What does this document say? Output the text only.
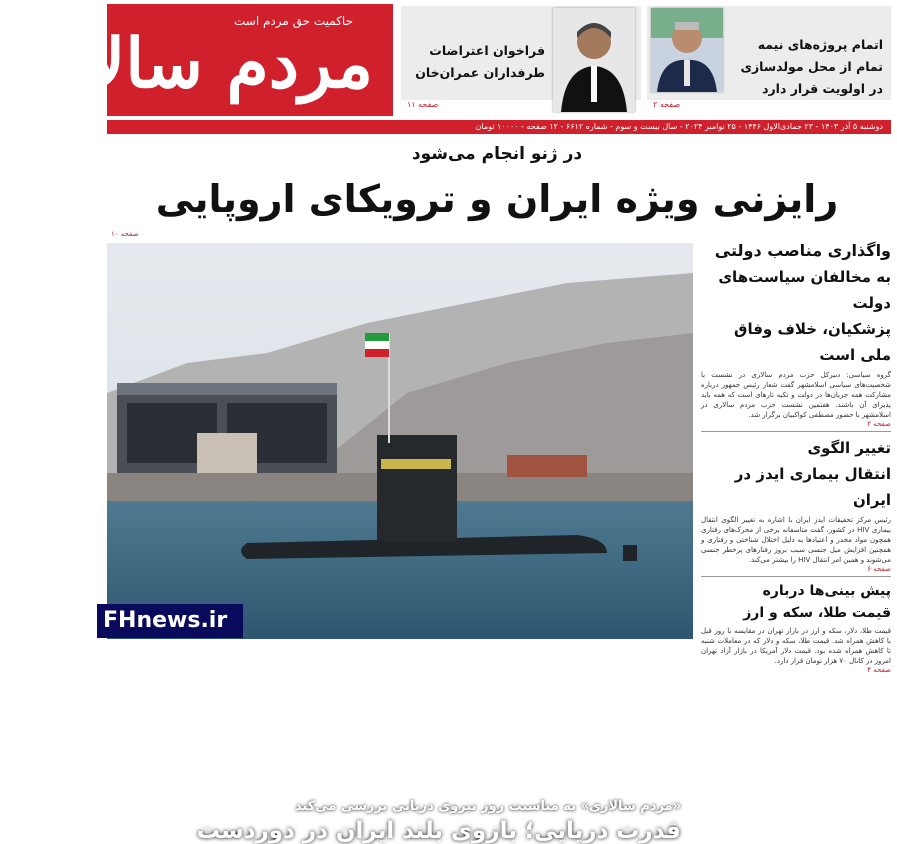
حاکمیت حق مردم است
مردم سالاری	اتمام پروژه‌های نیمه تمام از محل مولدسازی در اولویت قرار دارد
صفحه ۲
فراخوان اعتراضات طرفداران عمران‌خان
صفحه ۱۱
دوشنبه ۵ آذر ۱۴۰۳ - ۲۳ جمادی‌الاول ۱۴۴۶ - ۲۵ نوامبر ۲۰۲۴ - سال بیست و سوم - شماره ۶۶۱۲ - ۱۲ صفحه - ۱۰۰۰۰ تومان
در ژنو انجام می‌شود
رایزنی ویژه ایران و ترویکای اروپایی
صفحه ۱۰
«مردم سالاری» به مناسبت روز نیروی دریایی بررسی می‌کند
قدرت دریایی؛ بازوی بلند ایران در دوردست
واگذاری مناصب دولتی
به مخالفان سیاست‌های دولت
پزشکیان، خلاف وفاق ملی است
گروه سیاسی: دبیرکل حزب مردم سالاری در نشست با شخصیت‌های سیاسی اسلامشهر گفت شعار رئیس جمهور درباره مشارکت همه جریان‌ها در دولت و تکیه تارهای است که همه باید پذیرای آن باشند. هفتمین نشست حزب مردم سالاری در اسلامشهر با حضور مصطفی کواکبیان برگزار شد.
صفحه ۲
تغییر الگوی
انتقال بیماری ایدز در ایران
رئیس مرکز تحقیقات ایدز ایران با اشاره به تغییر الگوی انتقال بیماری HIV در کشور، گفت متاسفانه برخی از محرک‌های رفتاری همچون مواد مخدر و اعتیادها به دلیل اختلال شناختی و رفتاری و همچنین افزایش میل جنسی سبب بروز رفتارهای پرخطر جنسی می‌شوند و همین امر انتقال HIV را بیشتر می‌کند.
صفحه ۶
پیش بینی‌ها درباره
قیمت طلا، سکه و ارز
قیمت طلا، دلار، سکه و ارز در بازار تهران در مقایسه با روز قبل با کاهش همراه شد. قیمت طلا، سکه و دلار که در معاملات شنبه تا کاهش همراه شده بود. قیمت دلار آمریکا در بازار آزاد تهران امروز در کانال ۷۰ هزار تومان قرار دارد.
صفحه ۴
FHnews.ir
